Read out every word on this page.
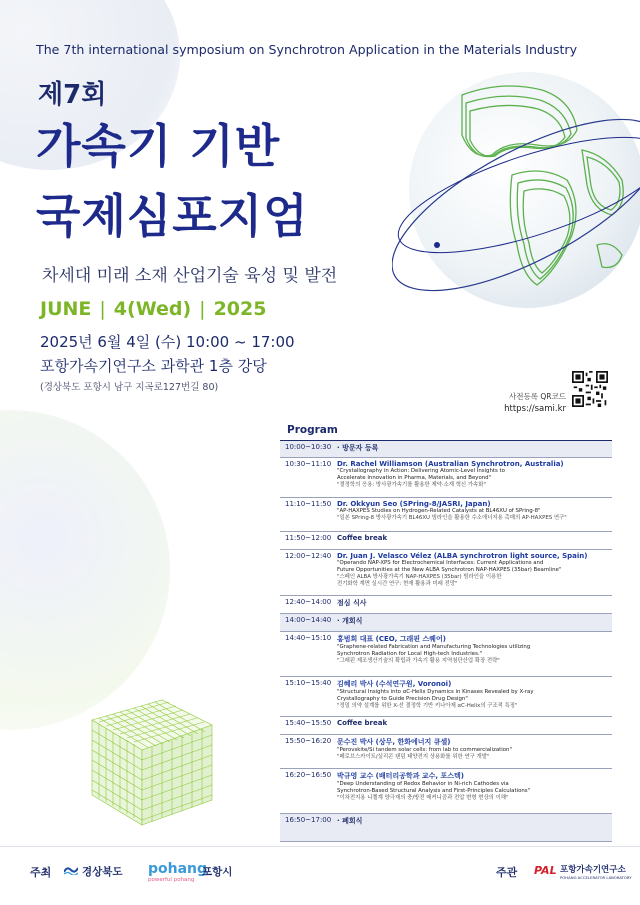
The 7th international symposium on Synchrotron Application in the Materials Industry
제7회
가속기 기반
국제심포지엄
차세대 미래 소재 산업기술 육성 및 발전
JUNE | 4(Wed) | 2025
2025년 6월 4일 (수) 10:00 ~ 17:00
포항가속기연구소 과학관 1층 강당
(경상북도 포항시 남구 지곡로127번길 80)
사전등록 QR코드
https://sami.kr
Program
10:00~10:30 · 방문자 등록
10:30~11:10 Dr. Rachel Williamson (Australian Synchrotron, Australia)
"Crystallography in Action: Delivering Atomic-Level Insights to
Accelerate Innovation in Pharma, Materials, and Beyond"
"결정학의 응용: 방사광가속기를 활용한 제약·소재 혁신 가속화"
11:10~11:50 Dr. Okkyun Seo (SPring-8/JASRI, Japan)
"AP-HAXPES Studies on Hydrogen-Related Catalysts at BL46XU of SPring-8"
"일본 SPring-8 방사광가속기 BL46XU 빔라인을 활용한 수소에너지용 촉매의 AP-HAXPES 연구"
11:50~12:00 Coffee break
12:00~12:40 Dr. Juan J. Velasco Vélez (ALBA synchrotron light source, Spain)
"Operando NAP-XPS for Electrochemical Interfaces: Current Applications and
Future Opportunities at the New ALBA Synchrotron NAP-HAXPES (35bar) Beamline"
"스페인 ALBA 방사광가속기 NAP-HAXPES (35bar) 빔라인을 이용한
전기화학 계면 실시간 연구: 현재 활용과 미래 전망"
12:40~14:00 점심 식사
14:00~14:40 · 개회식
14:40~15:10 홍범희 대표 (CEO, 그래핀 스퀘어)
"Graphene-related Fabrication and Manufacturing Technologies utilizing
Synchrotron Radiation for Local High-tech Industries."
"그래핀 제조생산기술의 확립과 가속기 활용 지역첨단산업 확장 전략"
15:10~15:40 김혜리 박사 (수석연구원, Voronoi)
"Structural Insights into αC-Helix Dynamics in Kinases Revealed by X-ray
Crystallography to Guide Precision Drug Design"
"정밀 의약 설계를 위한 X-선 결정학 기반 키나아제 αC-Helix의 구조적 특징"
15:40~15:50 Coffee break
15:50~16:20 문수진 박사 (상무, 한화에너지 큐셀)
"Perovskite/Si tandem solar cells: from lab to commercialization"
"페로브스카이트/실리콘 탠덤 태양전지 상용화를 위한 연구 개발"
16:20~16:50 박규영 교수 (배터리공학과 교수, 포스텍)
"Deep Understanding of Redox Behavior in Ni-rich Cathodes via
Synchrotron-Based Structural Analysis and First-Principles Calculations"
"이차전지용 니켈계 양극재의 충/방전 메커니즘과 전압 변형 현상의 이해"
16:50~17:00 · 폐회식
주최	경상북도 pohang
powerful pohang
포항시	주관 PAL 포항가속기연구소
POHANG ACCELERATOR LABORATORY
